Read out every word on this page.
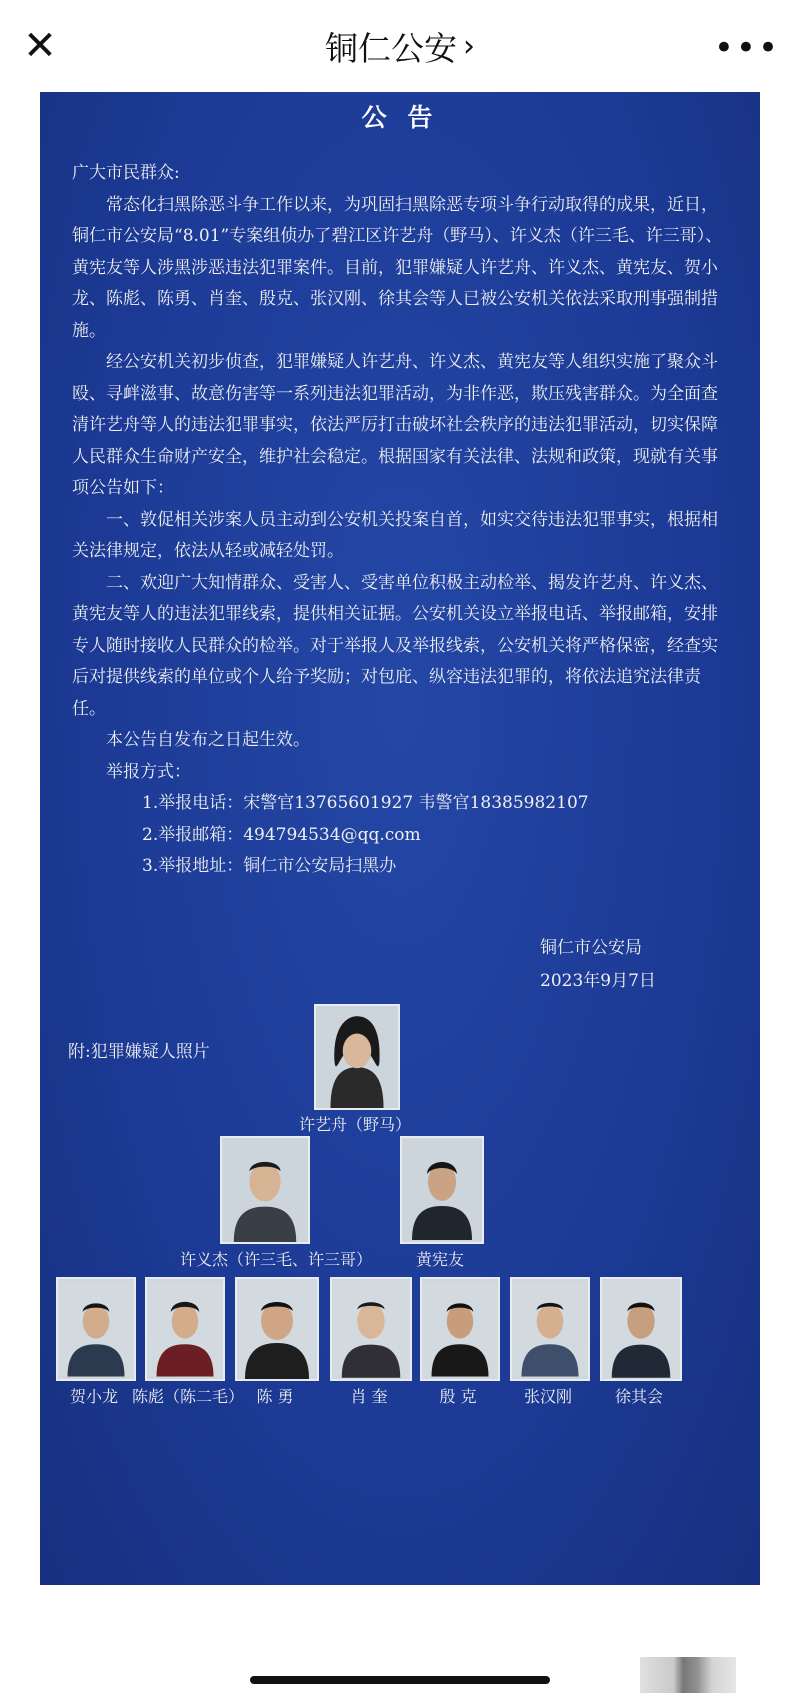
✕	铜仁公安 ›	•••
公 告

广大市民群众:

常态化扫黑除恶斗争工作以来，为巩固扫黑除恶专项斗争行动取得的成果，近日，铜仁市公安局“8.01”专案组侦办了碧江区许艺舟（野马）、许义杰（许三毛、许三哥）、黄宪友等人涉黑涉恶违法犯罪案件。目前，犯罪嫌疑人许艺舟、许义杰、黄宪友、贺小龙、陈彪、陈勇、肖奎、殷克、张汉刚、徐其会等人已被公安机关依法采取刑事强制措施。

经公安机关初步侦查，犯罪嫌疑人许艺舟、许义杰、黄宪友等人组织实施了聚众斗殴、寻衅滋事、故意伤害等一系列违法犯罪活动，为非作恶，欺压残害群众。为全面查清许艺舟等人的违法犯罪事实，依法严厉打击破坏社会秩序的违法犯罪活动，切实保障人民群众生命财产安全，维护社会稳定。根据国家有关法律、法规和政策，现就有关事项公告如下：

一、敦促相关涉案人员主动到公安机关投案自首，如实交待违法犯罪事实，根据相关法律规定，依法从轻或减轻处罚。

二、欢迎广大知情群众、受害人、受害单位积极主动检举、揭发许艺舟、许义杰、黄宪友等人的违法犯罪线索，提供相关证据。公安机关设立举报电话、举报邮箱，安排专人随时接收人民群众的检举。对于举报人及举报线索，公安机关将严格保密，经查实后对提供线索的单位或个人给予奖励；对包庇、纵容违法犯罪的，将依法追究法律责任。

本公告自发布之日起生效。

举报方式：

1.举报电话：宋警官13765601927 韦警官18385982107

2.举报邮箱：494794534@qq.com

3.举报地址：铜仁市公安局扫黑办

铜仁市公安局
2023年9月7日
附:犯罪嫌疑人照片
许艺舟（野马）
许义杰（许三毛、许三哥）	黄宪友
贺小龙 陈彪（陈二毛） 陈 勇	肖 奎	殷 克	张汉刚	徐其会
